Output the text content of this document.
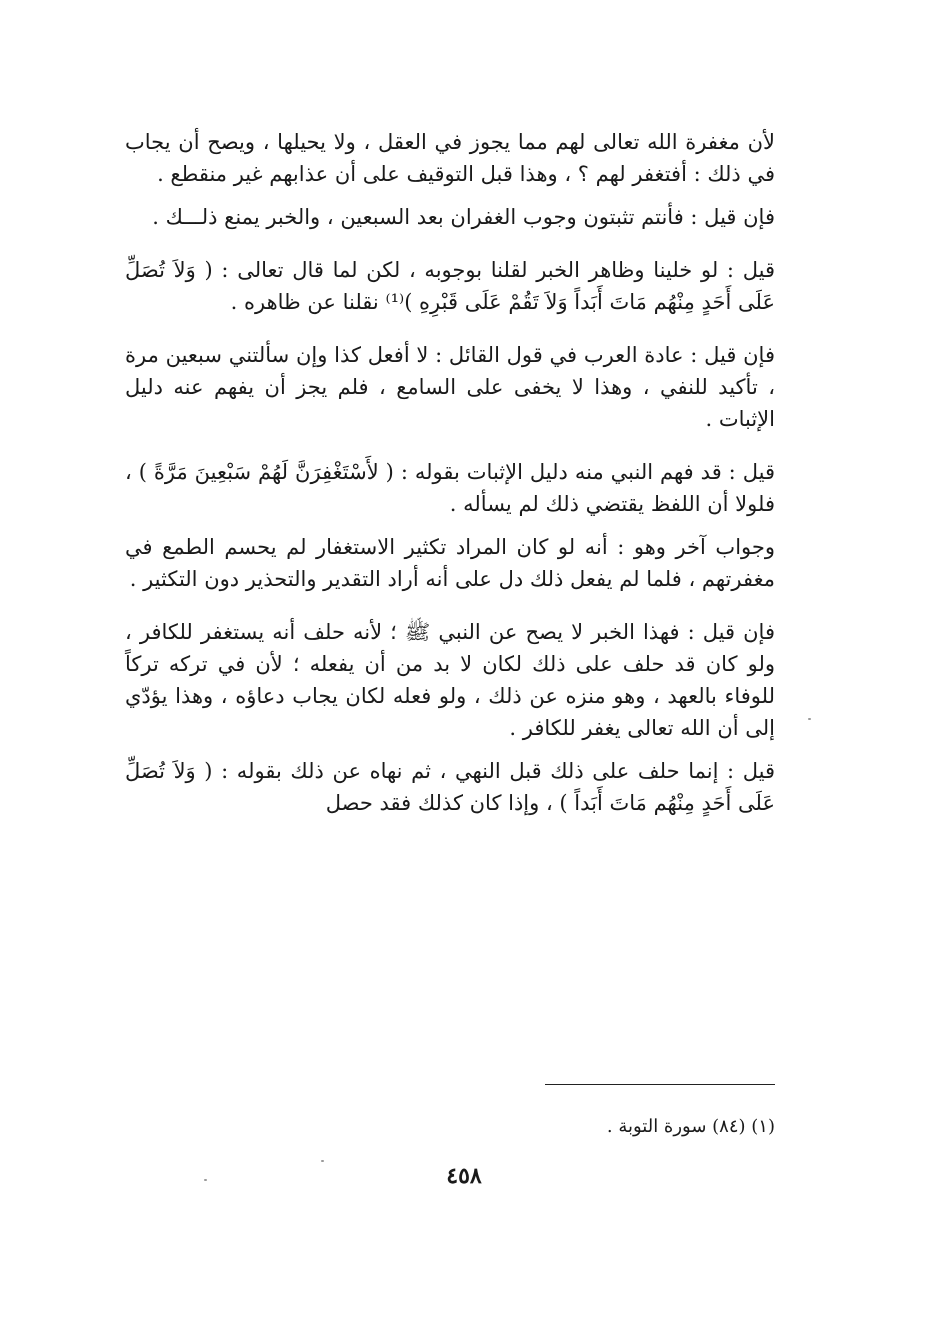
لأن مغفرة الله تعالى لهم مما يجوز في العقل ، ولا يحيلها ، ويصح أن يجاب في ذلك : أفتغفر لهم ؟ ، وهذا قبل التوقيف على أن عذابهم غير منقطع .

فإن قيل : فأنتم تثبتون وجوب الغفران بعد السبعين ، والخبر يمنع ذلـــك .

قيل : لو خلينا وظاهر الخبر لقلنا بوجوبه ، لكن لما قال تعالى : ( وَلاَ تُصَلِّ عَلَى أَحَدٍ مِنْهُم مَاتَ أَبَداً وَلاَ تَقُمْ عَلَى قَبْرِهِ )⁽¹⁾ نقلنا عن ظاهره .

فإن قيل : عادة العرب في قول القائل : لا أفعل كذا وإن سألتني سبعين مرة ، تأكيد للنفي ، وهذا لا يخفى على السامع ، فلم يجز أن يفهم عنه دليل الإثبات .

قيل : قد فهم النبي منه دليل الإثبات بقوله : ( لأَسْتَغْفِرَنَّ لَهُمْ سَبْعِينَ مَرَّةً ) ، فلولا أن اللفظ يقتضي ذلك لم يسأله .

وجواب آخر وهو : أنه لو كان المراد تكثير الاستغفار لم يحسم الطمع في مغفرتهم ، فلما لم يفعل ذلك دل على أنه أراد التقدير والتحذير دون التكثير .

فإن قيل : فهذا الخبر لا يصح عن النبي ﷺ ؛ لأنه حلف أنه يستغفر للكافر ، ولو كان قد حلف على ذلك لكان لا بد من أن يفعله ؛ لأن في تركه تركاً للوفاء بالعهد ، وهو منزه عن ذلك ، ولو فعله لكان يجاب دعاؤه ، وهذا يؤدّي إلى أن الله تعالى يغفر للكافر .

قيل : إنما حلف على ذلك قبل النهي ، ثم نهاه عن ذلك بقوله : ( وَلاَ تُصَلِّ عَلَى أَحَدٍ مِنْهُم مَاتَ أَبَداً ) ، وإذا كان كذلك فقد حصل

(١) (٨٤) سورة التوبة .
٤٥٨
